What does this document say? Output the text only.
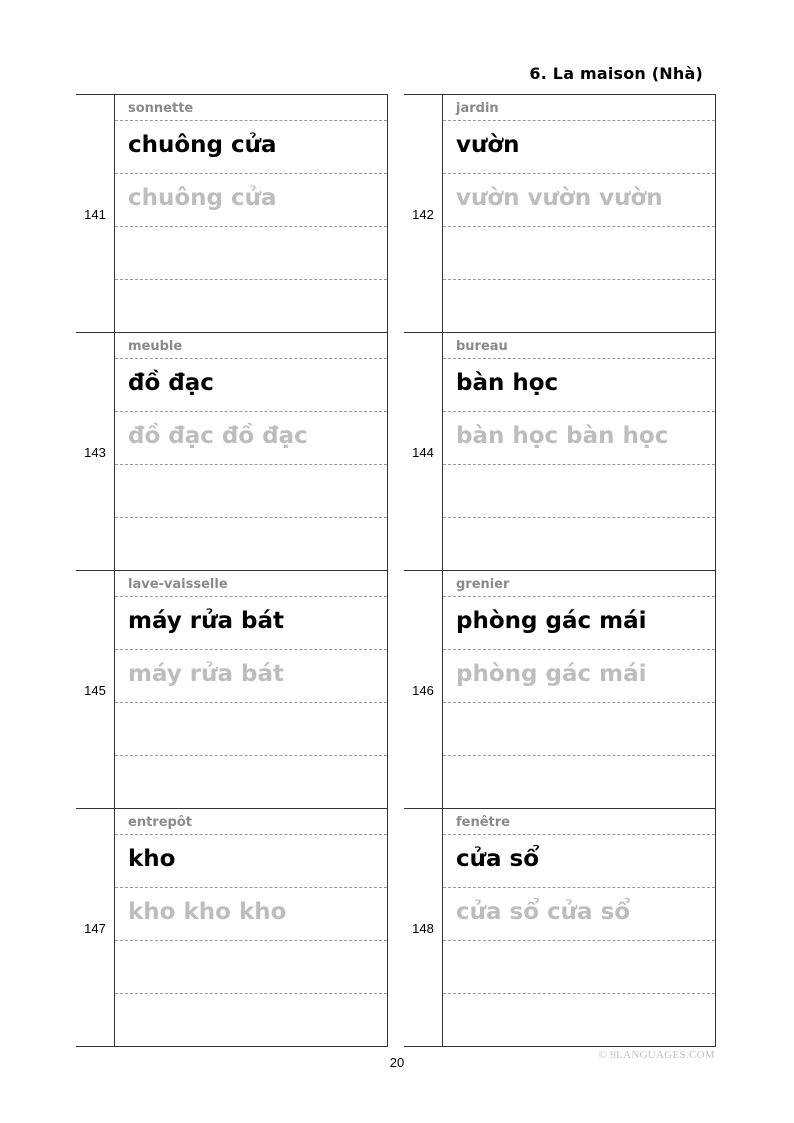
6. La maison (Nhà)
141
sonnette
chuông cửa
chuông cửa
143
meuble
đồ đạc
đồ đạc đồ đạc
145
lave-vaisselle
máy rửa bát
máy rửa bát
147
entrepôt
kho
kho kho kho
142
jardin
vườn
vườn vườn vườn
144
bureau
bàn học
bàn học bàn học
146
grenier
phòng gác mái
phòng gác mái
148
fenêtre
cửa sổ
cửa sổ cửa sổ
20	© 9LANGUAGES.COM
